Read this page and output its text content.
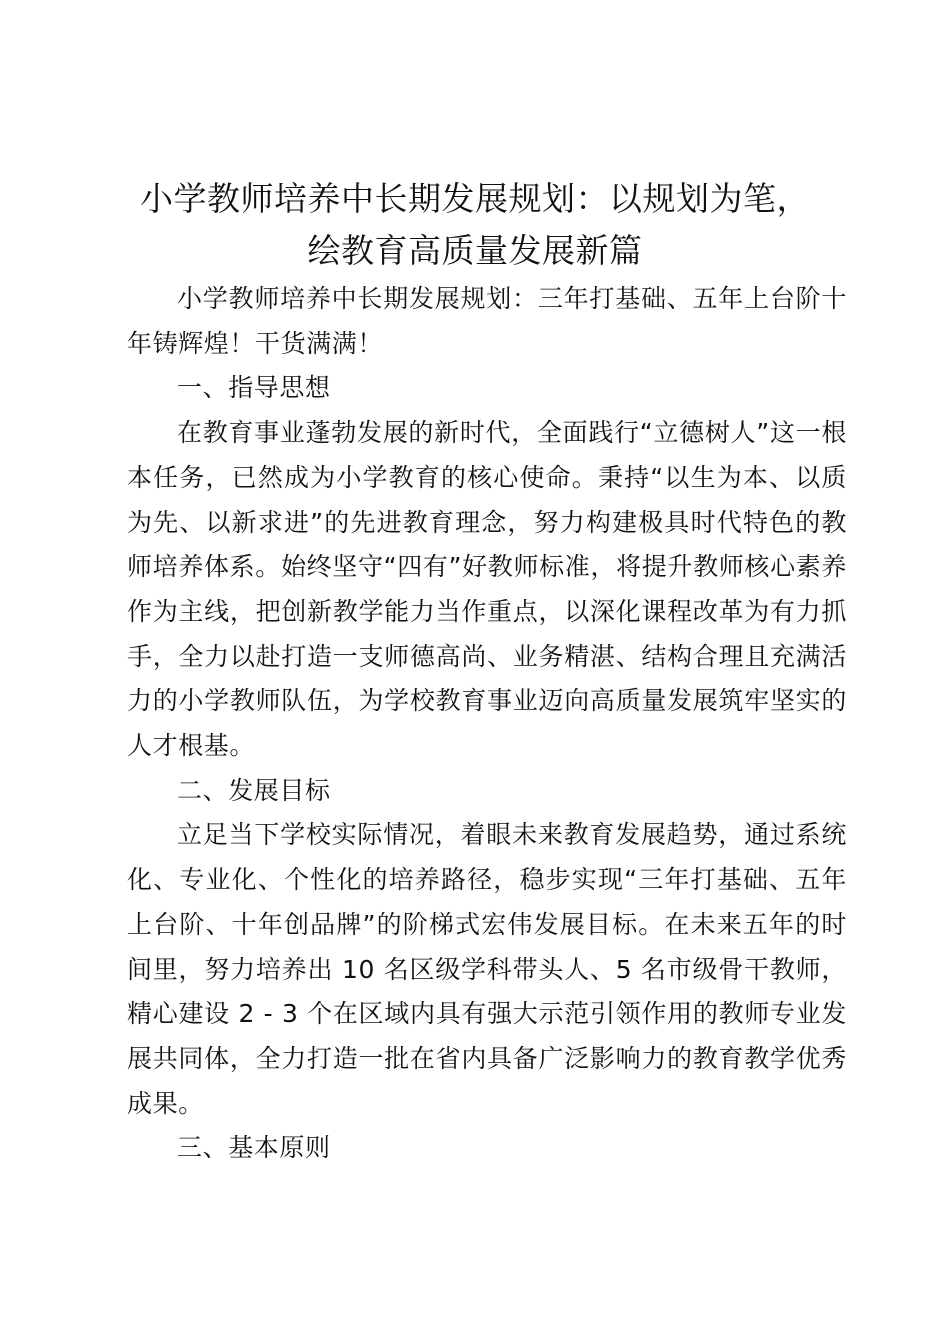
小学教师培养中长期发展规划：以规划为笔，
绘教育高质量发展新篇

小学教师培养中长期发展规划：三年打基础、五年上台阶十年铸辉煌！干货满满！

一、指导思想

在教育事业蓬勃发展的新时代，全面践行“立德树人”这一根本任务，已然成为小学教育的核心使命。秉持“以生为本、以质为先、以新求进”的先进教育理念，努力构建极具时代特色的教师培养体系。始终坚守“四有”好教师标准，将提升教师核心素养作为主线，把创新教学能力当作重点，以深化课程改革为有力抓手，全力以赴打造一支师德高尚、业务精湛、结构合理且充满活力的小学教师队伍，为学校教育事业迈向高质量发展筑牢坚实的人才根基。

二、发展目标

立足当下学校实际情况，着眼未来教育发展趋势，通过系统化、专业化、个性化的培养路径，稳步实现“三年打基础、五年上台阶、十年创品牌”的阶梯式宏伟发展目标。在未来五年的时间里，努力培养出 10 名区级学科带头人、5 名市级骨干教师，精心建设 2 - 3 个在区域内具有强大示范引领作用的教师专业发展共同体，全力打造一批在省内具备广泛影响力的教育教学优秀成果。

三、基本原则
